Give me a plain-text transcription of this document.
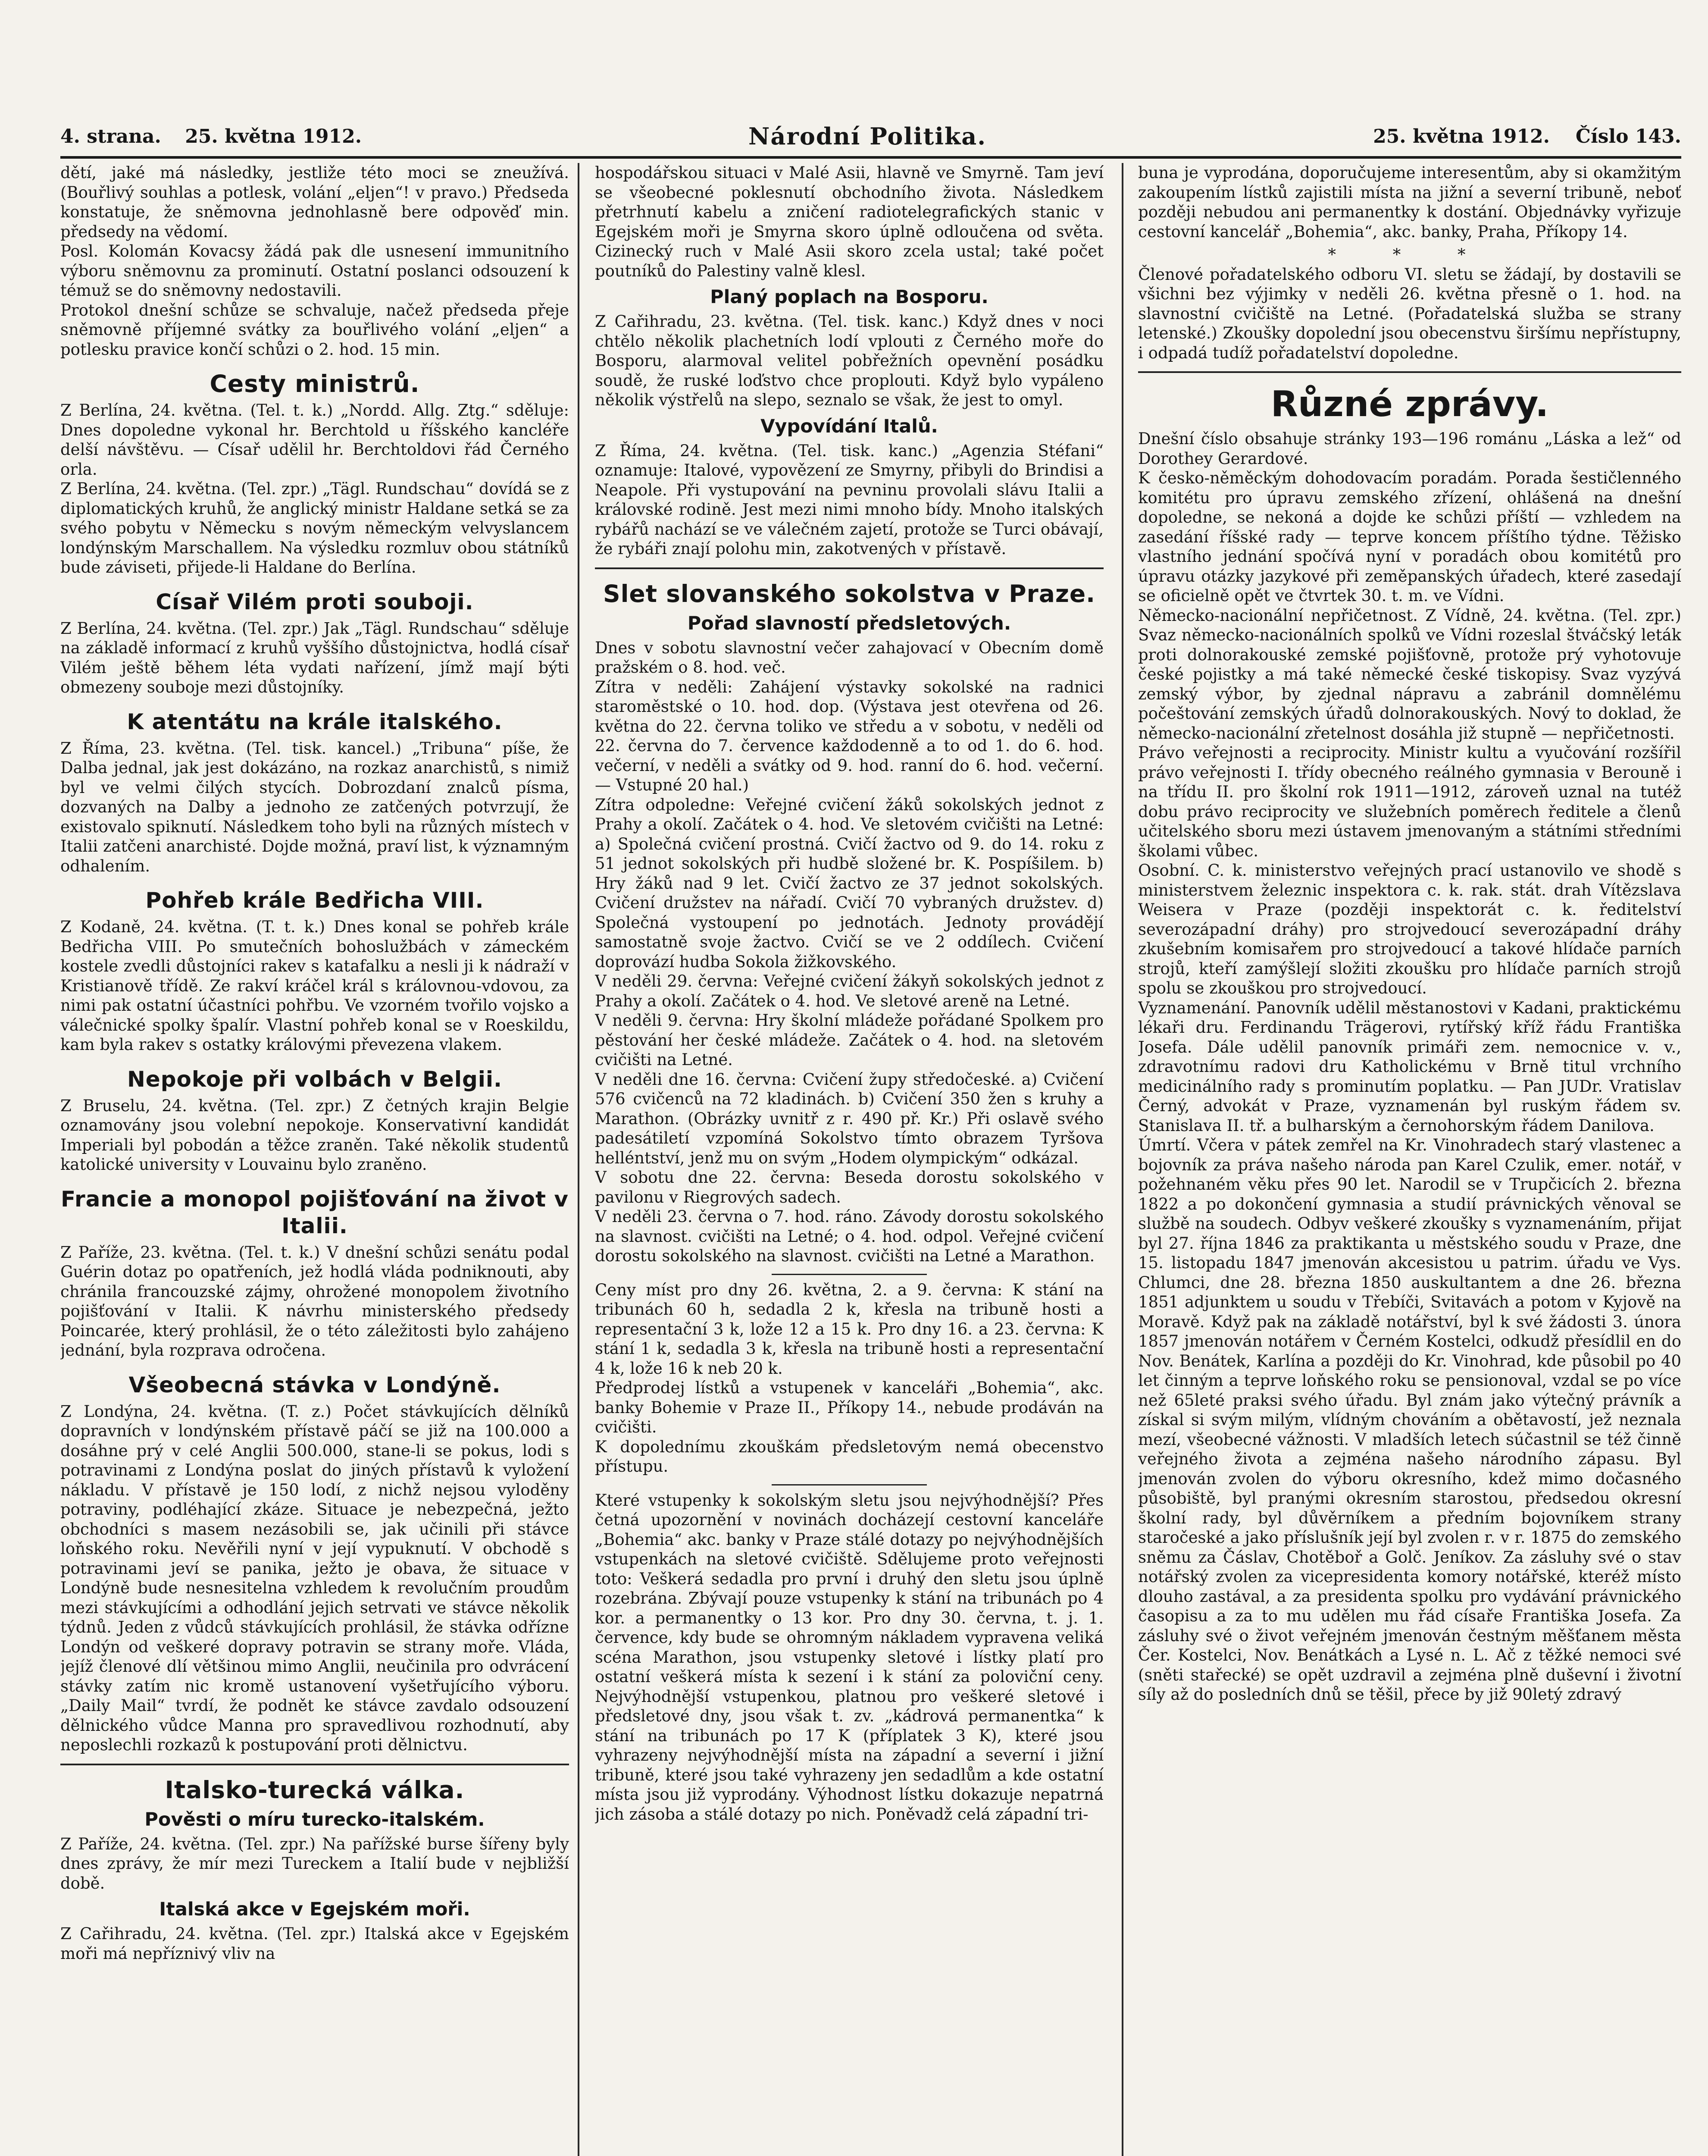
4. strana. 25. května 1912.	Národní Politika.	25. května 1912. Číslo 143.

dětí, jaké má následky, jestliže této moci se zneužívá. (Bouřlivý souhlas a potlesk, volání „eljen“! v pravo.) Předseda konstatuje, že sněmovna jednohlasně bere odpověď min. předsedy na vědomí.

Posl. Kolomán Kovacsy žádá pak dle usnesení immunitního výboru sněmovnu za prominutí. Ostatní poslanci odsouzení k témuž se do sněmovny nedostavili.

Protokol dnešní schůze se schvaluje, načež předseda přeje sněmovně příjemné svátky za bouřlivého volání „eljen“ a potlesku pravice končí schůzi o 2. hod. 15 min.

Cesty ministrů.

Z Berlína, 24. května. (Tel. t. k.) „Nordd. Allg. Ztg.“ sděluje: Dnes dopoledne vykonal hr. Berchtold u říšského kancléře delší návštěvu. — Císař udělil hr. Berchtoldovi řád Černého orla.

Z Berlína, 24. května. (Tel. zpr.) „Tägl. Rundschau“ dovídá se z diplomatických kruhů, že anglický ministr Haldane setká se za svého pobytu v Německu s novým německým velvyslancem londýnským Marschallem. Na výsledku rozmluv obou státníků bude záviseti, přijede-li Haldane do Berlína.

Císař Vilém proti souboji.

Z Berlína, 24. května. (Tel. zpr.) Jak „Tägl. Rundschau“ sděluje na základě informací z kruhů vyššího důstojnictva, hodlá císař Vilém ještě během léta vydati nařízení, jímž mají býti obmezeny souboje mezi důstojníky.

K atentátu na krále italského.

Z Říma, 23. května. (Tel. tisk. kancel.) „Tribuna“ píše, že Dalba jednal, jak jest dokázáno, na rozkaz anarchistů, s nimiž byl ve velmi čilých stycích. Dobrozdaní znalců písma, dozvaných na Dalby a jednoho ze zatčených potvrzují, že existovalo spiknutí. Následkem toho byli na různých místech v Italii zatčeni anarchisté. Dojde možná, praví list, k významným odhalením.

Pohřeb krále Bedřicha VIII.

Z Kodaně, 24. května. (T. t. k.) Dnes konal se pohřeb krále Bedřicha VIII. Po smutečních bohoslužbách v zámeckém kostele zvedli důstojníci rakev s katafalku a nesli ji k nádraží v Kristianově třídě. Ze rakví kráčel král s královnou-vdovou, za nimi pak ostatní účastníci pohřbu. Ve vzorném tvořilo vojsko a válečnické spolky špalír. Vlastní pohřeb konal se v Roeskildu, kam byla rakev s ostatky královými převezena vlakem.

Nepokoje při volbách v Belgii.

Z Bruselu, 24. května. (Tel. zpr.) Z četných krajin Belgie oznamovány jsou volební nepokoje. Konservativní kandidát Imperiali byl pobodán a těžce zraněn. Také několik studentů katolické university v Louvainu bylo zraněno.

Francie a monopol pojišťování na život v Italii.

Z Paříže, 23. května. (Tel. t. k.) V dnešní schůzi senátu podal Guérin dotaz po opatřeních, jež hodlá vláda podniknouti, aby chránila francouzské zájmy, ohrožené monopolem životního pojišťování v Italii. K návrhu ministerského předsedy Poincarée, který prohlásil, že o této záležitosti bylo zahájeno jednání, byla rozprava odročena.

Všeobecná stávka v Londýně.

Z Londýna, 24. května. (T. z.) Počet stávkujících dělníků dopravních v londýnském přístavě páčí se již na 100.000 a dosáhne prý v celé Anglii 500.000, stane-li se pokus, lodi s potravinami z Londýna poslat do jiných přístavů k vyložení nákladu. V přístavě je 150 lodí, z nichž nejsou vyloděny potraviny, podléhající zkáze. Situace je nebezpečná, ježto obchodníci s masem nezásobili se, jak učinili při stávce loňského roku. Nevěřili nyní v její vypuknutí. V obchodě s potravinami jeví se panika, ježto je obava, že situace v Londýně bude nesnesitelna vzhledem k revolučním proudům mezi stávkujícími a odhodlání jejich setrvati ve stávce několik týdnů. Jeden z vůdců stávkujících prohlásil, že stávka odřízne Londýn od veškeré dopravy potravin se strany moře. Vláda, jejíž členové dlí většinou mimo Anglii, neučinila pro odvrácení stávky zatím nic kromě ustanovení vyšetřujícího výboru. „Daily Mail“ tvrdí, že podnět ke stávce zavdalo odsouzení dělnického vůdce Manna pro spravedlivou rozhodnutí, aby neposlechli rozkazů k postupování proti dělnictvu.

Italsko-turecká válka.
Pověsti o míru turecko-italském.

Z Paříže, 24. května. (Tel. zpr.) Na pařížské burse šířeny byly dnes zprávy, že mír mezi Tureckem a Italií bude v nejbližší době.

Italská akce v Egejském moři.

Z Cařihradu, 24. května. (Tel. zpr.) Italská akce v Egejském moři má nepříznivý vliv na

hospodářskou situaci v Malé Asii, hlavně ve Smyrně. Tam jeví se všeobecné poklesnutí obchodního života. Následkem přetrhnutí kabelu a zničení radiotelegrafických stanic v Egejském moři je Smyrna skoro úplně odloučena od světa. Cizinecký ruch v Malé Asii skoro zcela ustal; také počet poutníků do Palestiny valně klesl.

Planý poplach na Bosporu.

Z Cařihradu, 23. května. (Tel. tisk. kanc.) Když dnes v noci chtělo několik plachetních lodí vplouti z Černého moře do Bosporu, alarmoval velitel pobřežních opevnění posádku soudě, že ruské loďstvo chce proplouti. Když bylo vypáleno několik výstřelů na slepo, seznalo se však, že jest to omyl.

Vypovídání Italů.

Z Říma, 24. května. (Tel. tisk. kanc.) „Agenzia Stéfani“ oznamuje: Italové, vypovězení ze Smyrny, přibyli do Brindisi a Neapole. Při vystupování na pevninu provolali slávu Italii a královské rodině. Jest mezi nimi mnoho bídy. Mnoho italských rybářů nachází se ve válečném zajetí, protože se Turci obávají, že rybáři znají polohu min, zakotvených v přístavě.

Slet slovanského sokolstva v Praze.
Pořad slavností předsletových.

Dnes v sobotu slavnostní večer zahajovací v Obecním domě pražském o 8. hod. več.

Zítra v neděli: Zahájení výstavky sokolské na radnici staroměstské o 10. hod. dop. (Výstava jest otevřena od 26. května do 22. června toliko ve středu a v sobotu, v neděli od 22. června do 7. července každodenně a to od 1. do 6. hod. večerní, v neděli a svátky od 9. hod. ranní do 6. hod. večerní. — Vstupné 20 hal.)

Zítra odpoledne: Veřejné cvičení žáků sokolských jednot z Prahy a okolí. Začátek o 4. hod. Ve sletovém cvičišti na Letné: a) Společná cvičení prostná. Cvičí žactvo od 9. do 14. roku z 51 jednot sokolských při hudbě složené br. K. Pospíšilem. b) Hry žáků nad 9 let. Cvičí žactvo ze 37 jednot sokolských. Cvičení družstev na nářadí. Cvičí 70 vybraných družstev. d) Společná vystoupení po jednotách. Jednoty provádějí samostatně svoje žactvo. Cvičí se ve 2 oddílech. Cvičení doprovází hudba Sokola žižkovského.

V neděli 29. června: Veřejné cvičení žákyň sokolských jednot z Prahy a okolí. Začátek o 4. hod. Ve sletové areně na Letné.

V neděli 9. června: Hry školní mládeže pořádané Spolkem pro pěstování her české mládeže. Začátek o 4. hod. na sletovém cvičišti na Letné.

V neděli dne 16. června: Cvičení župy středočeské. a) Cvičení 576 cvičenců na 72 kladinách. b) Cvičení 350 žen s kruhy a Marathon. (Obrázky uvnitř z r. 490 př. Kr.) Při oslavě svého padesátiletí vzpomíná Sokolstvo tímto obrazem Tyršova helléntství, jenž mu on svým „Hodem olympickým“ odkázal.

V sobotu dne 22. června: Beseda dorostu sokolského v pavilonu v Riegrových sadech.

V neděli 23. června o 7. hod. ráno. Závody dorostu sokolského na slavnost. cvičišti na Letné; o 4. hod. odpol. Veřejné cvičení dorostu sokolského na slavnost. cvičišti na Letné a Marathon.

Ceny míst pro dny 26. května, 2. a 9. června: K stání na tribunách 60 h, sedadla 2 k, křesla na tribuně hosti a representační 3 k, lože 12 a 15 k. Pro dny 16. a 23. června: K stání 1 k, sedadla 3 k, křesla na tribuně hosti a representační 4 k, lože 16 k neb 20 k.

Předprodej lístků a vstupenek v kanceláři „Bohemia“, akc. banky Bohemie v Praze II., Příkopy 14., nebude prodáván na cvičišti.

K dopolednímu zkouškám předsletovým nemá obecenstvo přístupu.

Které vstupenky k sokolským sletu jsou nejvýhodnější? Přes četná upozornění v novinách docházejí cestovní kanceláře „Bohemia“ akc. banky v Praze stálé dotazy po nejvýhodnějších vstupenkách na sletové cvičiště. Sdělujeme proto veřejnosti toto: Veškerá sedadla pro první i druhý den sletu jsou úplně rozebrána. Zbývají pouze vstupenky k stání na tribunách po 4 kor. a permanentky o 13 kor. Pro dny 30. června, t. j. 1. července, kdy bude se ohromným nákladem vypravena veliká scéna Marathon, jsou vstupenky sletové i lístky platí pro ostatní veškerá místa k sezení i k stání za poloviční ceny. Nejvýhodnější vstupenkou, platnou pro veškeré sletové i předsletové dny, jsou však t. zv. „kádrová permanentka“ k stání na tribunách po 17 K (příplatek 3 K), které jsou vyhrazeny nejvýhodnější místa na západní a severní i jižní tribuně, které jsou také vyhrazeny jen sedadlům a kde ostatní místa jsou již vyprodány. Výhodnost lístku dokazuje nepatrná jich zásoba a stálé dotazy po nich. Poněvadž celá západní tri-

buna je vyprodána, doporučujeme interesentům, aby si okamžitým zakoupením lístků zajistili místa na jižní a severní tribuně, neboť později nebudou ani permanentky k dostání. Objednávky vyřizuje cestovní kancelář „Bohemia“, akc. banky, Praha, Příkopy 14.

* * *

Členové pořadatelského odboru VI. sletu se žádají, by dostavili se všichni bez výjimky v neděli 26. května přesně o 1. hod. na slavnostní cvičiště na Letné. (Pořadatelská služba se strany letenské.) Zkoušky dopolední jsou obecenstvu širšímu nepřístupny, i odpadá tudíž pořadatelství dopoledne.

Různé zprávy.

Dnešní číslo obsahuje stránky 193—196 románu „Láska a lež“ od Dorothey Gerardové.

K česko-něměckým dohodovacím poradám. Porada šestičlenného komitétu pro úpravu zemského zřízení, ohlášená na dnešní dopoledne, se nekoná a dojde ke schůzi příští — vzhledem na zasedání říšské rady — teprve koncem příštího týdne. Těžisko vlastního jednání spočívá nyní v poradách obou komitétů pro úpravu otázky jazykové při zeměpanských úřadech, které zasedají se oficielně opět ve čtvrtek 30. t. m. ve Vídni.

Německo-nacionální nepřičetnost. Z Vídně, 24. května. (Tel. zpr.) Svaz německo-nacionálních spolků ve Vídni rozeslal štváčský leták proti dolnorakouské zemské pojišťovně, protože prý vyhotovuje české pojistky a má také německé české tiskopisy. Svaz vyzývá zemský výbor, by zjednal nápravu a zabránil domnělému počeštování zemských úřadů dolnorakouských. Nový to doklad, že německo-nacionální zřetelnost dosáhla již stupně — nepřičetnosti.

Právo veřejnosti a reciprocity. Ministr kultu a vyučování rozšířil právo veřejnosti I. třídy obecného reálného gymnasia v Berouně i na třídu II. pro školní rok 1911—1912, zároveň uznal na tutéž dobu právo reciprocity ve služebních poměrech ředitele a členů učitelského sboru mezi ústavem jmenovaným a státními středními školami vůbec.

Osobní. C. k. ministerstvo veřejných prací ustanovilo ve shodě s ministerstvem železnic inspektora c. k. rak. stát. drah Vítězslava Weisera v Praze (později inspektorát c. k. ředitelství severozápadní dráhy) pro strojvedoucí severozápadní dráhy zkušebním komisařem pro strojvedoucí a takové hlídače parních strojů, kteří zamýšlejí složiti zkoušku pro hlídače parních strojů spolu se zkouškou pro strojvedoucí.

Vyznamenání. Panovník udělil městanostovi v Kadani, praktickému lékaři dru. Ferdinandu Trägerovi, rytířský kříž řádu Františka Josefa. Dále udělil panovník primáři zem. nemocnice v. v., zdravotnímu radovi dru Katholickému v Brně titul vrchního medicinálního rady s prominutím poplatku. — Pan JUDr. Vratislav Černý, advokát v Praze, vyznamenán byl ruským řádem sv. Stanislava II. tř. a bulharským a černohorským řádem Danilova.

Úmrtí. Včera v pátek zemřel na Kr. Vinohradech starý vlastenec a bojovník za práva našeho národa pan Karel Czulik, emer. notář, v požehnaném věku přes 90 let. Narodil se v Trupčicích 2. března 1822 a po dokončení gymnasia a studií právnických věnoval se službě na soudech. Odbyv veškeré zkoušky s vyznamenáním, přijat byl 27. října 1846 za praktikanta u městského soudu v Praze, dne 15. listopadu 1847 jmenován akcesistou u patrim. úřadu ve Vys. Chlumci, dne 28. března 1850 auskultantem a dne 26. března 1851 adjunktem u soudu v Třebíči, Svitavách a potom v Kyjově na Moravě. Když pak na základě notářství, byl k své žádosti 3. února 1857 jmenován notářem v Černém Kostelci, odkudž přesídlil en do Nov. Benátek, Karlína a později do Kr. Vinohrad, kde působil po 40 let činným a teprve loňského roku se pensionoval, vzdal se po více než 65leté praksi svého úřadu. Byl znám jako výtečný právník a získal si svým milým, vlídným chováním a obětavostí, jež neznala mezí, všeobecné vážnosti. V mladších letech súčastnil se též činně veřejného života a zejména našeho národního zápasu. Byl jmenován zvolen do výboru okresního, kdež mimo dočasného působiště, byl pranými okresním starostou, předsedou okresní školní rady, byl důvěrníkem a předním bojovníkem strany staročeské a jako příslušník její byl zvolen r. v r. 1875 do zemského sněmu za Čáslav, Chotěboř a Golč. Jeníkov. Za zásluhy své o stav notářský zvolen za vicepresidenta komory notářské, kteréž místo dlouho zastával, a za presidenta spolku pro vydávání právnického časopisu a za to mu udělen mu řád císaře Františka Josefa. Za zásluhy své o život veřejném jmenován čestným měšťanem města Čer. Kostelci, Nov. Benátkách a Lysé n. L. Ač z těžké nemoci své (sněti stařecké) se opět uzdravil a zejména plně duševní i životní síly až do posledních dnů se těšil, přece by již 90letý zdravý
